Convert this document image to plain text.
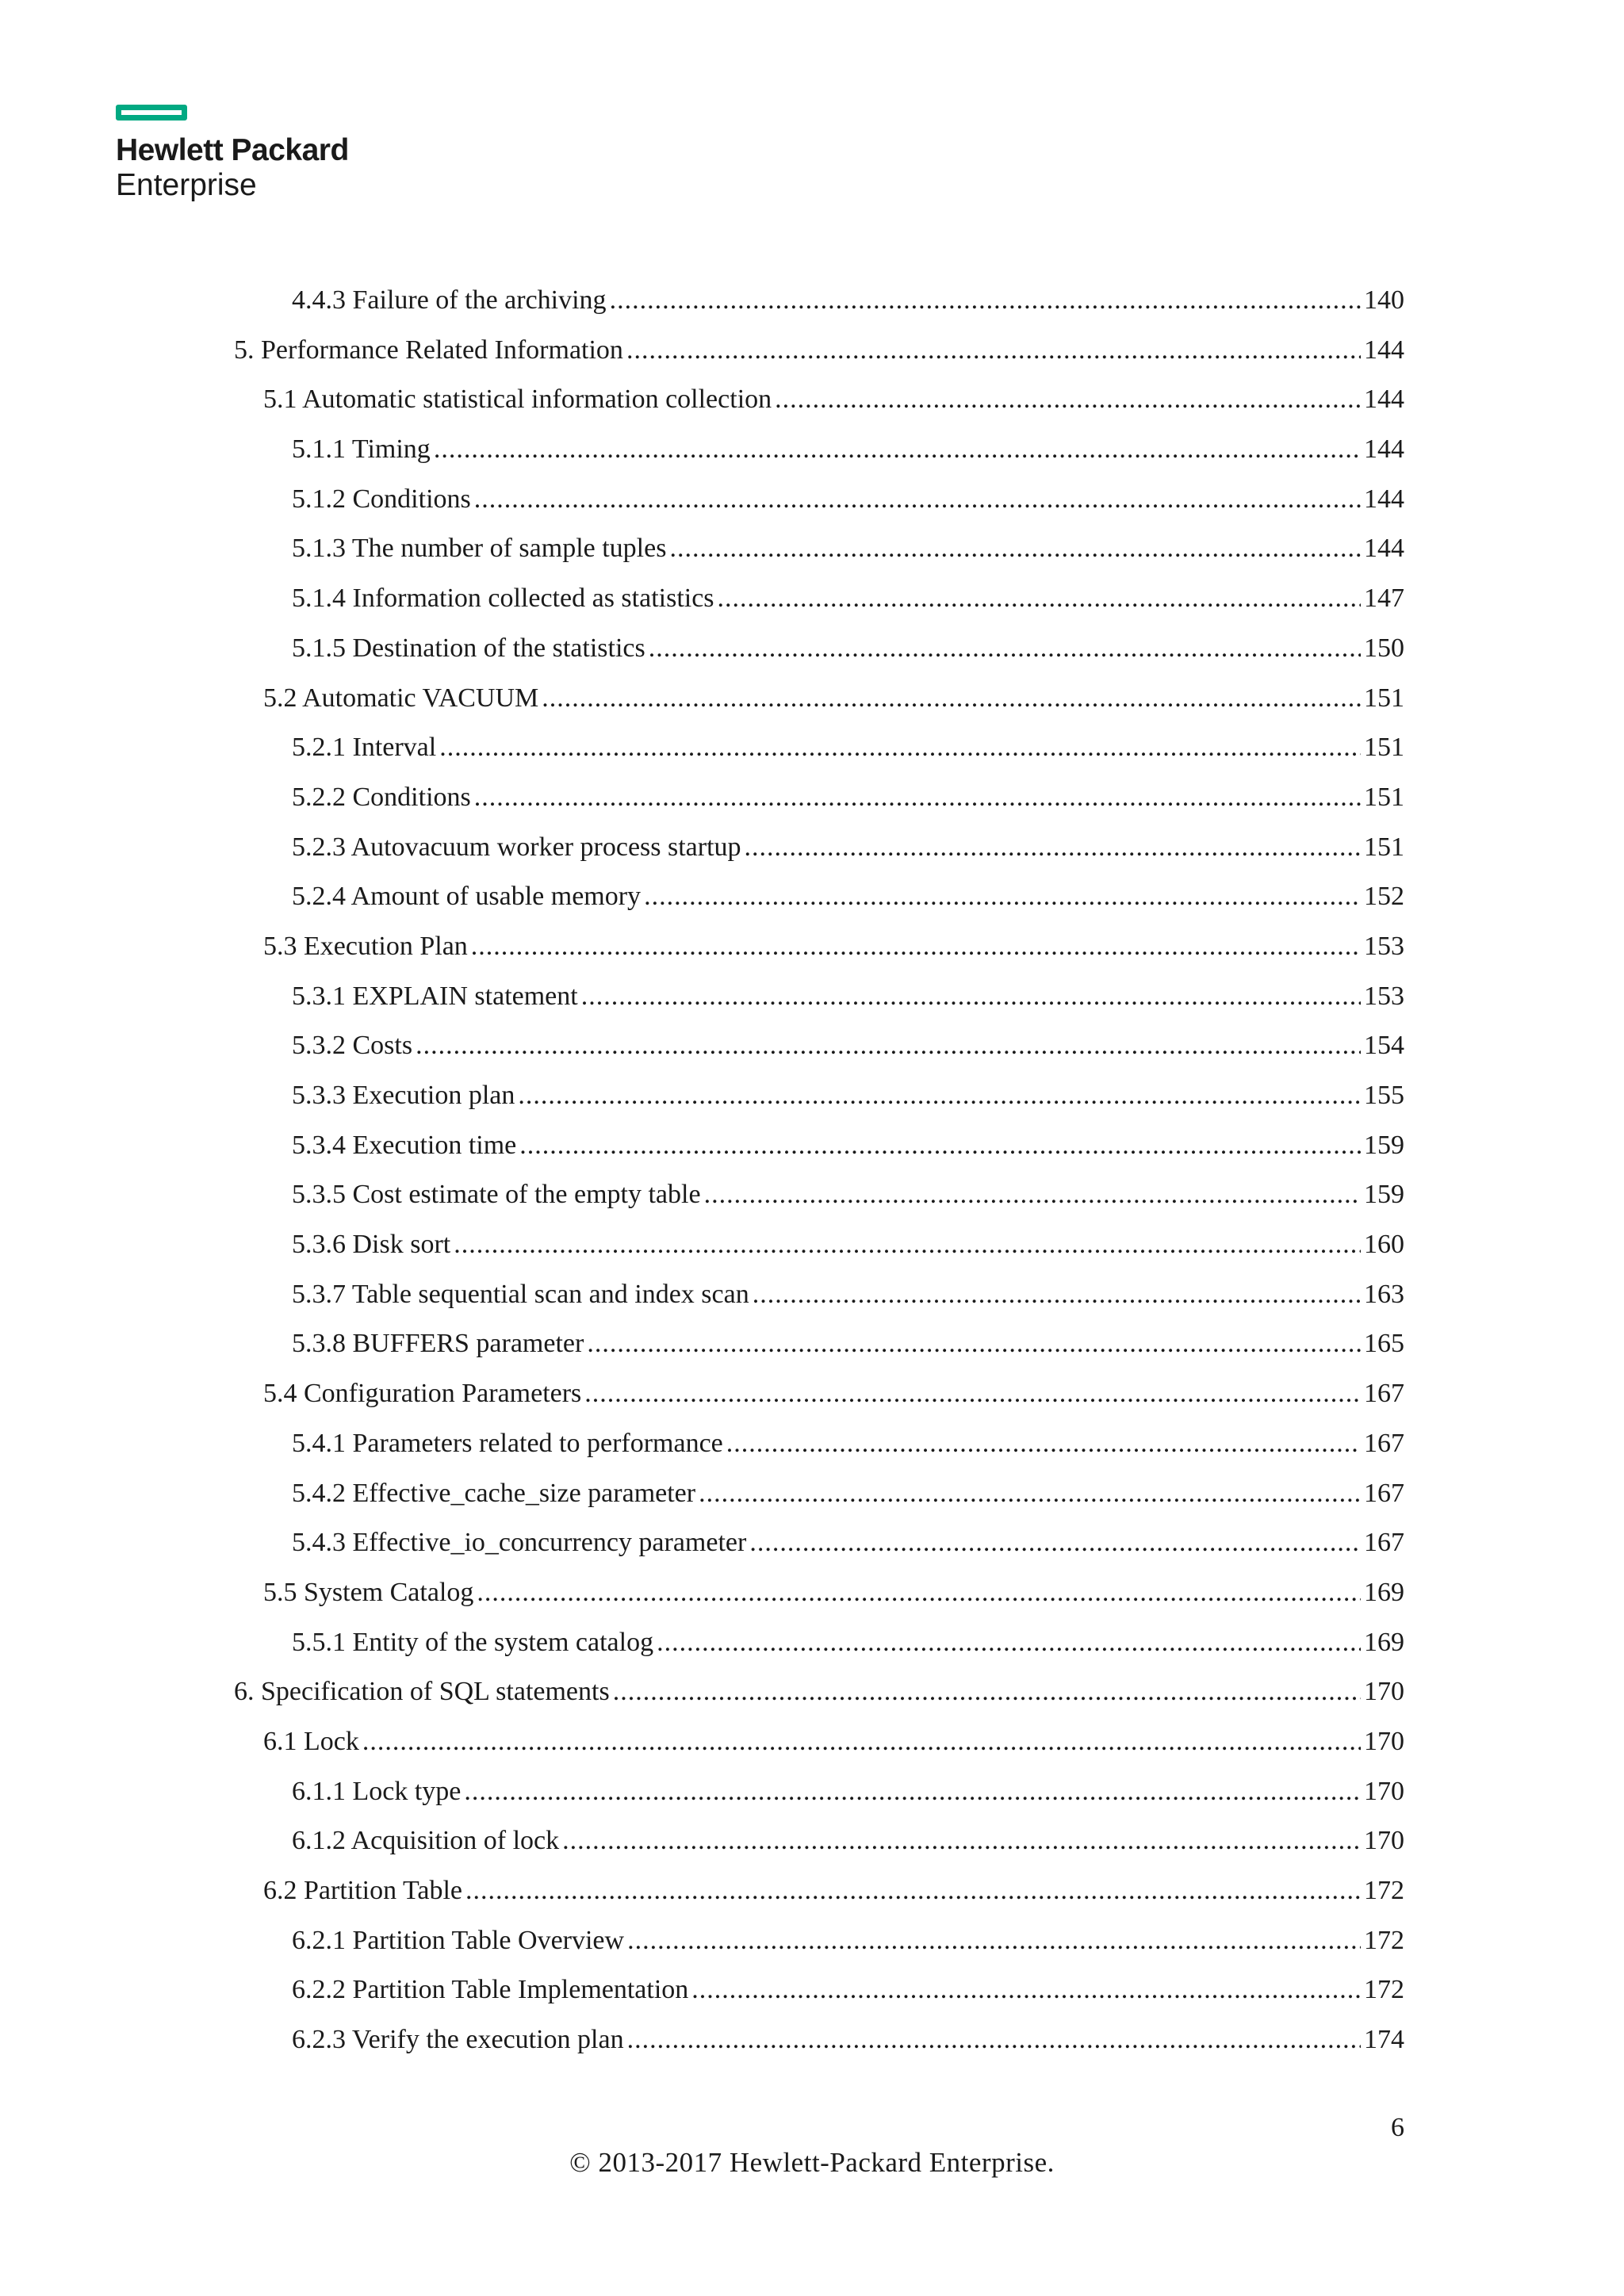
Hewlett Packard
Enterprise
4.4.3 Failure of the archiving .....	140
5. Performance Related Information .....	144
5.1 Automatic statistical information collection .....	144
5.1.1 Timing .....	144
5.1.2 Conditions .....	144
5.1.3 The number of sample tuples .....	144
5.1.4 Information collected as statistics .....	147
5.1.5 Destination of the statistics .....	150
5.2 Automatic VACUUM .....	151
5.2.1 Interval .....	151
5.2.2 Conditions .....	151
5.2.3 Autovacuum worker process startup .....	151
5.2.4 Amount of usable memory .....	152
5.3 Execution Plan .....	153
5.3.1 EXPLAIN statement .....	153
5.3.2 Costs .....	154
5.3.3 Execution plan .....	155
5.3.4 Execution time .....	159
5.3.5 Cost estimate of the empty table .....	159
5.3.6 Disk sort .....	160
5.3.7 Table sequential scan and index scan .....	163
5.3.8 BUFFERS parameter .....	165
5.4 Configuration Parameters .....	167
5.4.1 Parameters related to performance .....	167
5.4.2 Effective_cache_size parameter .....	167
5.4.3 Effective_io_concurrency parameter .....	167
5.5 System Catalog .....	169
5.5.1 Entity of the system catalog .....	169
6. Specification of SQL statements .....	170
6.1 Lock .....	170
6.1.1 Lock type .....	170
6.1.2 Acquisition of lock .....	170
6.2 Partition Table .....	172
6.2.1 Partition Table Overview .....	172
6.2.2 Partition Table Implementation .....	172
6.2.3 Verify the execution plan .....	174
6
© 2013-2017 Hewlett-Packard Enterprise.
